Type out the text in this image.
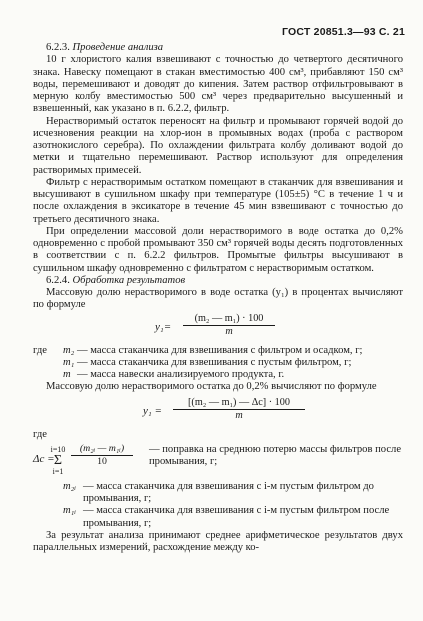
ГОСТ 20851.3—93 С. 21

6.2.3. Проведение анализа

10 г хлористого калия взвешивают с точностью до четвертого десятичного знака. Навеску помещают в стакан вместимостью 400 см³, прибавляют 150 см³ воды, перемешивают и доводят до кипения. Затем раствор отфильтровывают в мерную колбу вместимостью 500 см³ через предварительно высушенный и взвешенный, как указано в п. 6.2.2, фильтр.

Нерастворимый остаток переносят на фильтр и промывают горячей водой до исчезновения реакции на хлор-ион в промывных водах (проба с раствором азотнокислого серебра). По охлаждении фильтрата колбу доливают водой до метки и тщательно перемешивают. Раствор используют для определения растворимых примесей.

Фильтр с нерастворимым остатком помещают в стаканчик для взвешивания и высушивают в сушильном шкафу при температуре (105±5) °С в течение 1 ч и после охлаждения в эксикаторе в течение 45 мин взвешивают с точностью до третьего десятичного знака.

При определении массовой доли нерастворимого в воде остатка до 0,2% одновременно с пробой промывают 350 см³ горячей воды десять подготовленных в соответствии с п. 6.2.2 фильтров. Промытые фильтры высушивают в сушильном шкафу одновременно с фильтратом с нерастворимым остатком.

6.2.4. Обработка результатов

Массовую долю нерастворимого в воде остатка (y₁) в процентах вычисляют по формуле

y₁=
(m₂ — m₁) · 100
m
где	m₂ — масса стаканчика для взвешивания с фильтром и осадком, г;
m₁ — масса стаканчика для взвешивания с пустым фильтром, г;
m — масса навески анализируемого продукта, г.

Массовую долю нерастворимого остатка до 0,2% вычисляют по формуле

y₁ =
[(m₂ — m₁) — Δc] · 100
m
где
Δc =
i=10
Σ
i=1
(m₂ᵢ — m₁ᵢ)
10
— поправка на среднюю потерю массы фильтров после промывания, г;
m₂ᵢ — масса стаканчика для взвешивания с i-м пустым фильтром до промывания, г;
m₁ᵢ — масса стаканчика для взвешивания с i-м пустым фильтром после промывания, г;

За результат анализа принимают среднее арифметическое результатов двух параллельных измерений, расхождение между ко-
